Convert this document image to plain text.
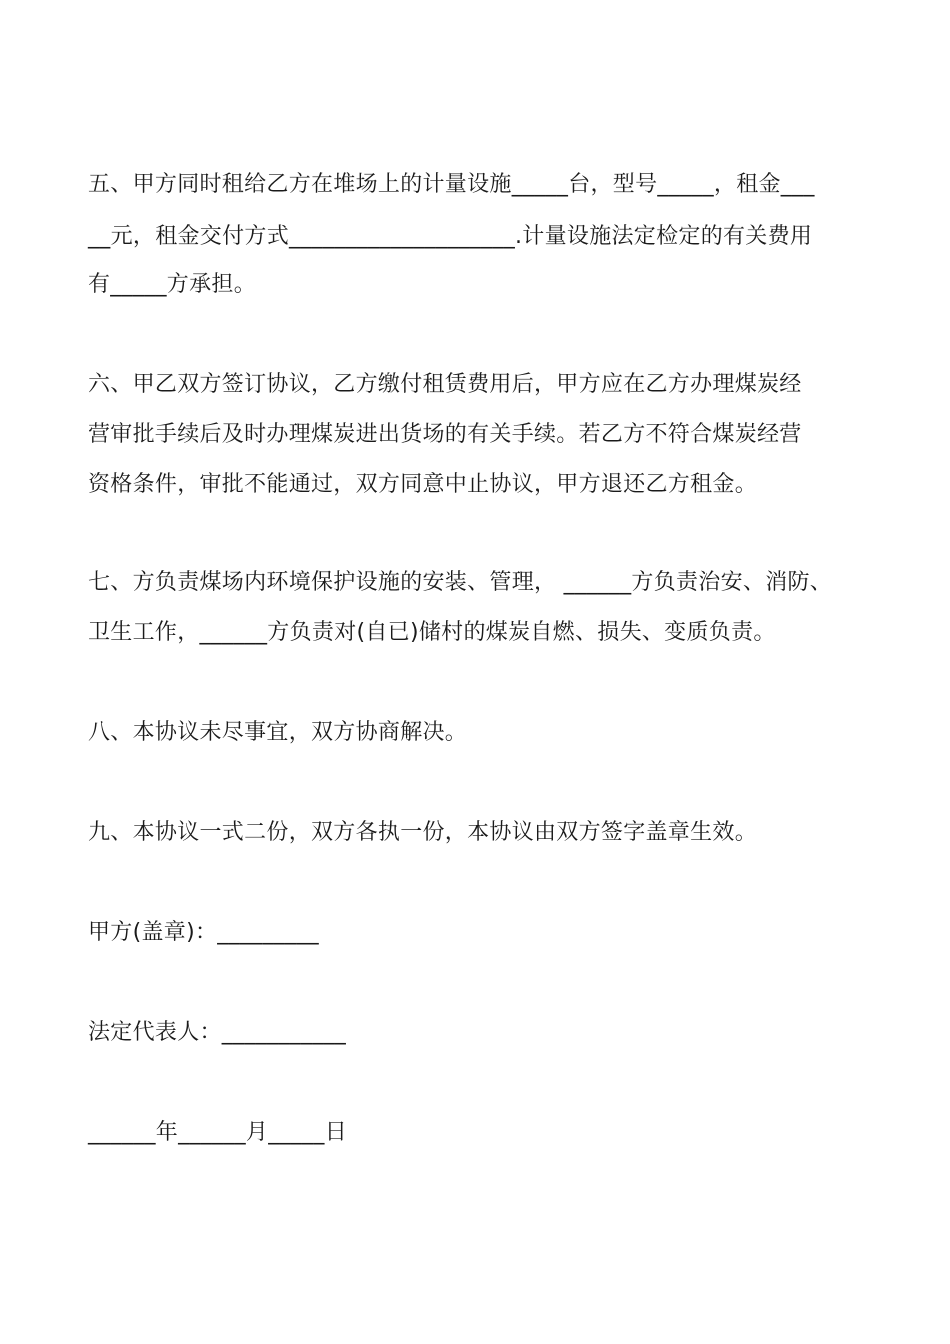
五、甲方同时租给乙方在堆场上的计量设施_____台，型号_____，租金___
__元，租金交付方式____________________.计量设施法定检定的有关费用
有_____方承担。
六、甲乙双方签订协议，乙方缴付租赁费用后，甲方应在乙方办理煤炭经
营审批手续后及时办理煤炭进出货场的有关手续。若乙方不符合煤炭经营
资格条件，审批不能通过，双方同意中止协议，甲方退还乙方租金。
七、方负责煤场内环境保护设施的安装、管理， ______方负责治安、消防、
卫生工作，______方负责对(自已)储村的煤炭自燃、损失、变质负责。
八、本协议未尽事宜，双方协商解决。
九、本协议一式二份，双方各执一份，本协议由双方签字盖章生效。
甲方(盖章)：_________
法定代表人：___________
______年______月_____日
